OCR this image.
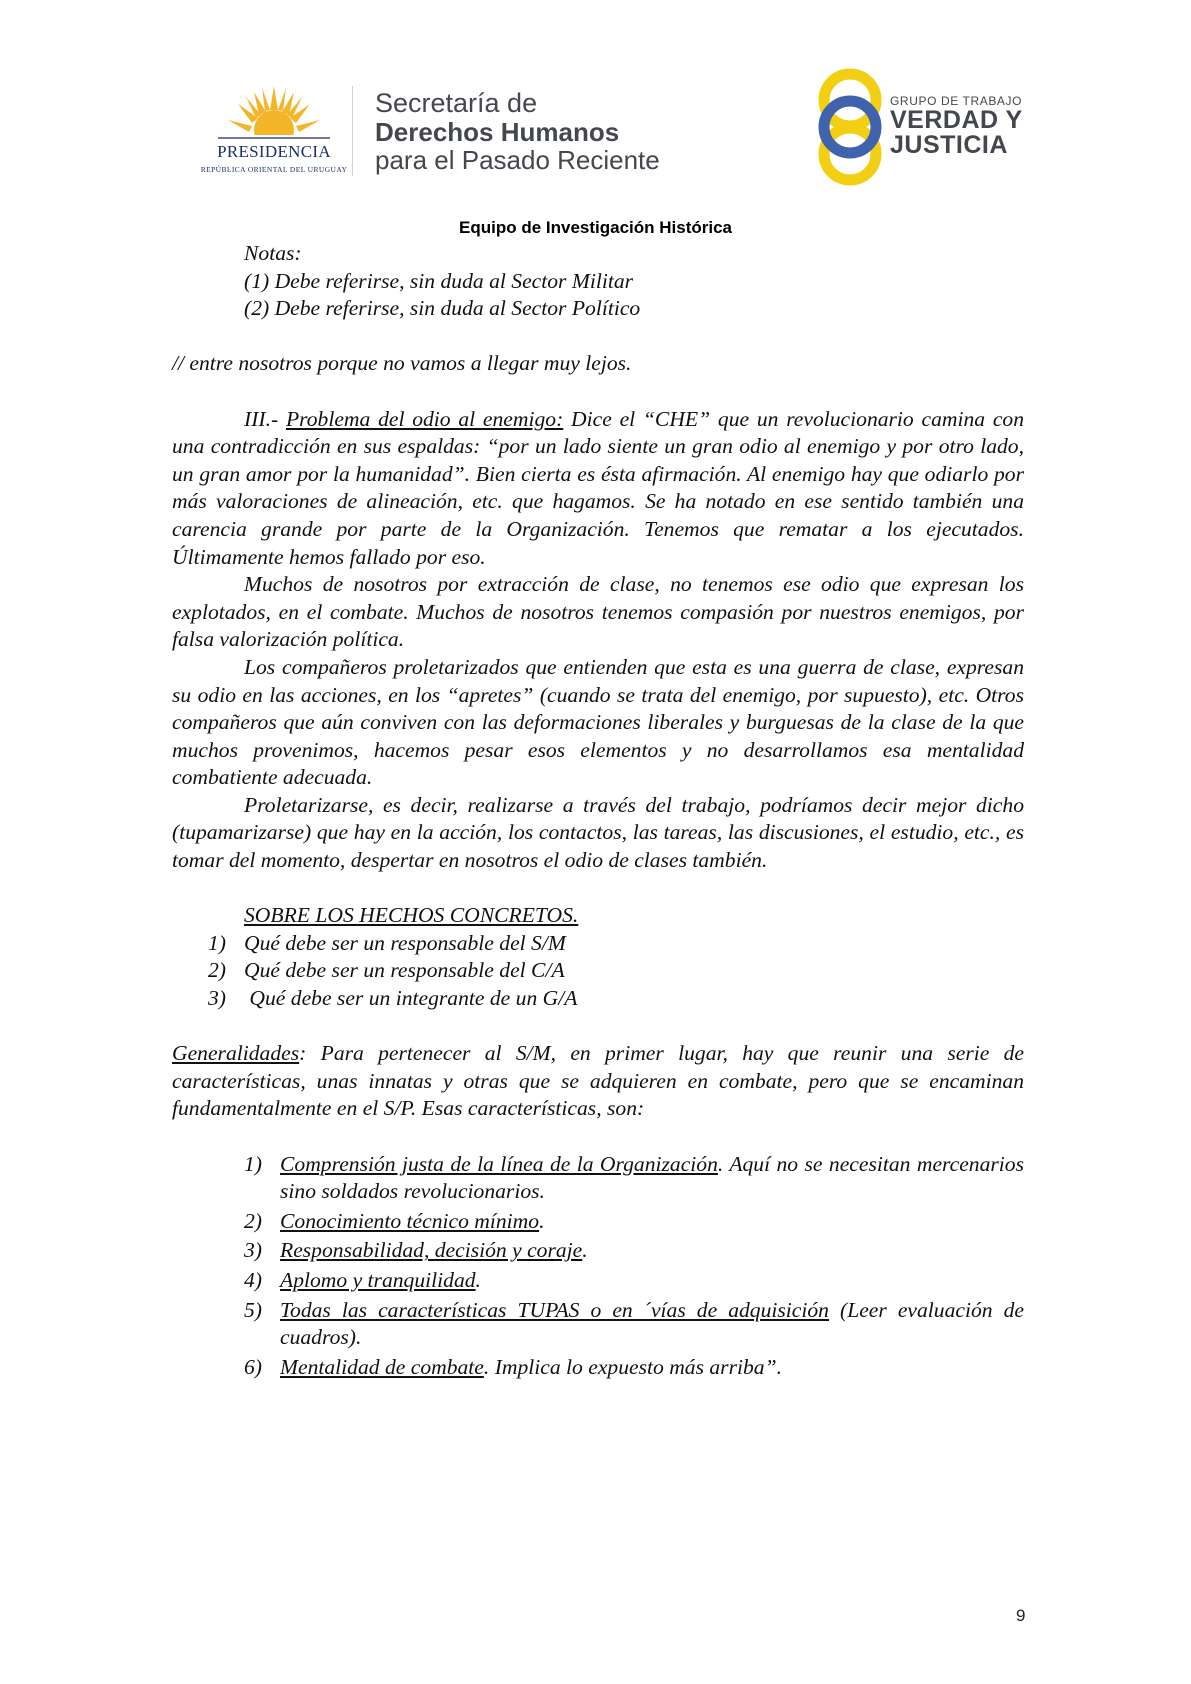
PRESIDENCIA
REPÚBLICA ORIENTAL DEL URUGUAY
Secretaría de
Derechos Humanos
para el Pasado Reciente
GRUPO DE TRABAJO
VERDAD Y
JUSTICIA
Equipo de Investigación Histórica
Notas:
(1) Debe referirse, sin duda al Sector Militar
(2) Debe referirse, sin duda al Sector Político
// entre nosotros porque no vamos a llegar muy lejos.

III.- Problema del odio al enemigo: Dice el “CHE” que un revolucionario camina con una contradicción en sus espaldas: “por un lado siente un gran odio al enemigo y por otro lado, un gran amor por la humanidad”. Bien cierta es ésta afirmación. Al enemigo hay que odiarlo por más valoraciones de alineación, etc. que hagamos. Se ha notado en ese sentido también una carencia grande por parte de la Organización. Tenemos que rematar a los ejecutados. Últimamente hemos fallado por eso.

Muchos de nosotros por extracción de clase, no tenemos ese odio que expresan los explotados, en el combate. Muchos de nosotros tenemos compasión por nuestros enemigos, por falsa valorización política.

Los compañeros proletarizados que entienden que esta es una guerra de clase, expresan su odio en las acciones, en los “apretes” (cuando se trata del enemigo, por supuesto), etc. Otros compañeros que aún conviven con las deformaciones liberales y burguesas de la clase de la que muchos provenimos, hacemos pesar esos elementos y no desarrollamos esa mentalidad combatiente adecuada.

Proletarizarse, es decir, realizarse a través del trabajo, podríamos decir mejor dicho (tupamarizarse) que hay en la acción, los contactos, las tareas, las discusiones, el estudio, etc., es tomar del momento, despertar en nosotros el odio de clases también.

SOBRE LOS HECHOS CONCRETOS.
1) Qué debe ser un responsable del S/M
2) Qué debe ser un responsable del C/A
3) Qué debe ser un integrante de un G/A

Generalidades: Para pertenecer al S/M, en primer lugar, hay que reunir una serie de características, unas innatas y otras que se adquieren en combate, pero que se encaminan fundamentalmente en el S/P. Esas características, son:

1) Comprensión justa de la línea de la Organización. Aquí no se necesitan mercenarios sino soldados revolucionarios.
2) Conocimiento técnico mínimo.
3) Responsabilidad, decisión y coraje.
4) Aplomo y tranquilidad.
5) Todas las características TUPAS o en ´vías de adquisición (Leer evaluación de cuadros).
6) Mentalidad de combate. Implica lo expuesto más arriba”.
9
